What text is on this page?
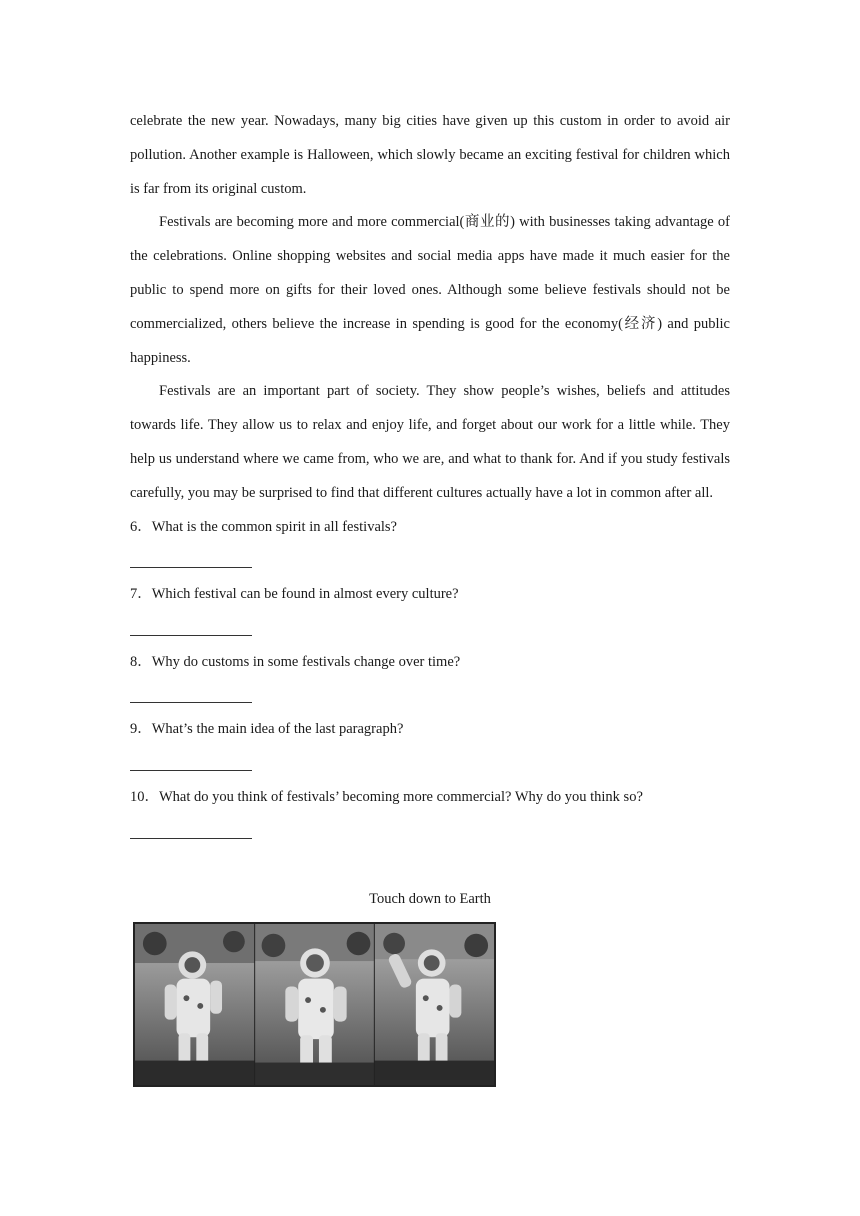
celebrate the new year. Nowadays, many big cities have given up this custom in order to avoid air pollution. Another example is Halloween, which slowly became an exciting festival for children which is far from its original custom.

Festivals are becoming more and more commercial(商业的) with businesses taking advantage of the celebrations. Online shopping websites and social media apps have made it much easier for the public to spend more on gifts for their loved ones. Although some believe festivals should not be commercialized, others believe the increase in spending is good for the economy(经济) and public happiness.

Festivals are an important part of society. They show people’s wishes, beliefs and attitudes towards life. They allow us to relax and enjoy life, and forget about our work for a little while. They help us understand where we came from, who we are, and what to thank for. And if you study festivals carefully, you may be surprised to find that different cultures actually have a lot in common after all.

6．What is the common spirit in all festivals?

7．Which festival can be found in almost every culture?

8．Why do customs in some festivals change over time?

9．What’s the main idea of the last paragraph?

10．What do you think of festivals’ becoming more commercial? Why do you think so?

Touch down to Earth
